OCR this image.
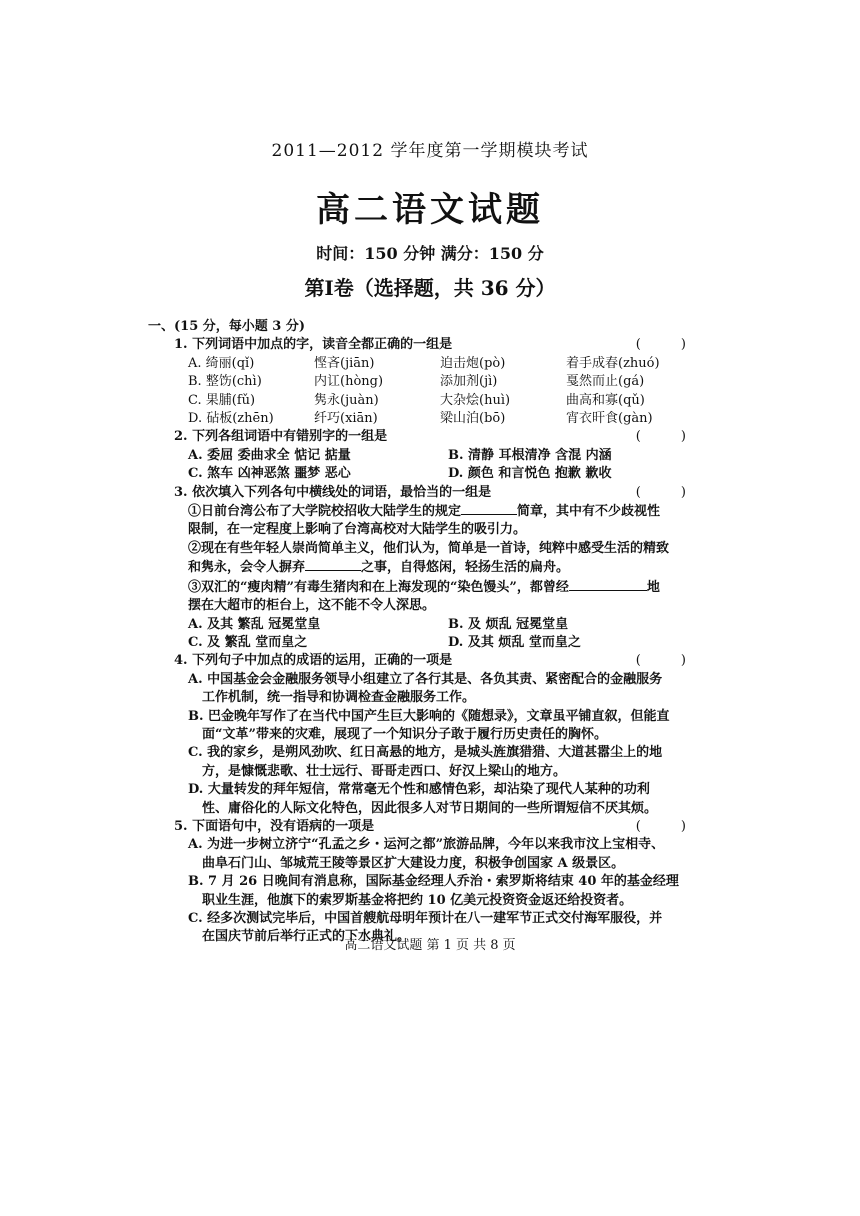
2011—2012 学年度第一学期模块考试
高二语文试题
时间：150 分钟 满分：150 分
第Ⅰ卷（选择题，共 36 分）
一、(15 分，每小题 3 分)
1. 下列词语中加点的字，读音全都正确的一组是	( )
A. 绮丽(qǐ)	悭吝(jiān)	迫击炮(pò)	着手成春(zhuó)
B. 整饬(chì)	内讧(hòng)	添加剂(jì)	戛然而止(gá)
C. 果脯(fǔ)	隽永(juàn)	大杂烩(huì)	曲高和寡(qǔ)
D. 砧板(zhēn)	纤巧(xiān)	梁山泊(bō)	宵衣旰食(gàn)
2. 下列各组词语中有错别字的一组是	( )
A. 委屈 委曲求全 惦记 掂量	B. 清静 耳根清净 含混 内涵
C. 煞车 凶神恶煞 噩梦 恶心	D. 颜色 和言悦色 抱歉 歉收
3. 依次填入下列各句中横线处的词语，最恰当的一组是	( )
①日前台湾公布了大学院校招收大陆学生的规定	简章，其中有不少歧视性
限制，在一定程度上影响了台湾高校对大陆学生的吸引力。
②现在有些年轻人崇尚简单主义，他们认为，简单是一首诗，纯粹中感受生活的精致
和隽永，会令人摒弃	之事，自得悠闲，轻扬生活的扁舟。
③双汇的“瘦肉精”有毒生猪肉和在上海发现的“染色馒头”，都曾经	地
摆在大超市的柜台上，这不能不令人深思。
A. 及其 繁乱 冠冕堂皇	B. 及 烦乱 冠冕堂皇
C. 及 繁乱 堂而皇之	D. 及其 烦乱 堂而皇之
4. 下列句子中加点的成语的运用，正确的一项是	( )
A. 中国基金会金融服务领导小组建立了各行其是、各负其责、紧密配合的金融服务
工作机制，统一指导和协调检查金融服务工作。
B. 巴金晚年写作了在当代中国产生巨大影响的《随想录》，文章虽平铺直叙，但能直
面“文革”带来的灾难，展现了一个知识分子敢于履行历史责任的胸怀。
C. 我的家乡，是朔风劲吹、红日高悬的地方，是城头旌旗猎猎、大道甚嚣尘上的地
方，是慷慨悲歌、壮士远行、哥哥走西口、好汉上梁山的地方。
D. 大量转发的拜年短信，常常毫无个性和感情色彩，却沾染了现代人某种的功利
性、庸俗化的人际文化特色，因此很多人对节日期间的一些所谓短信不厌其烦。
5. 下面语句中，没有语病的一项是	( )
A. 为进一步树立济宁“孔孟之乡・运河之都”旅游品牌，今年以来我市汶上宝相寺、
曲阜石门山、邹城荒王陵等景区扩大建设力度，积极争创国家 A 级景区。
B. 7 月 26 日晚间有消息称，国际基金经理人乔治・索罗斯将结束 40 年的基金经理
职业生涯，他旗下的索罗斯基金将把约 10 亿美元投资资金返还给投资者。
C. 经多次测试完毕后，中国首艘航母明年预计在八一建军节正式交付海军服役，并
在国庆节前后举行正式的下水典礼。
高二语文试题 第 1 页 共 8 页
